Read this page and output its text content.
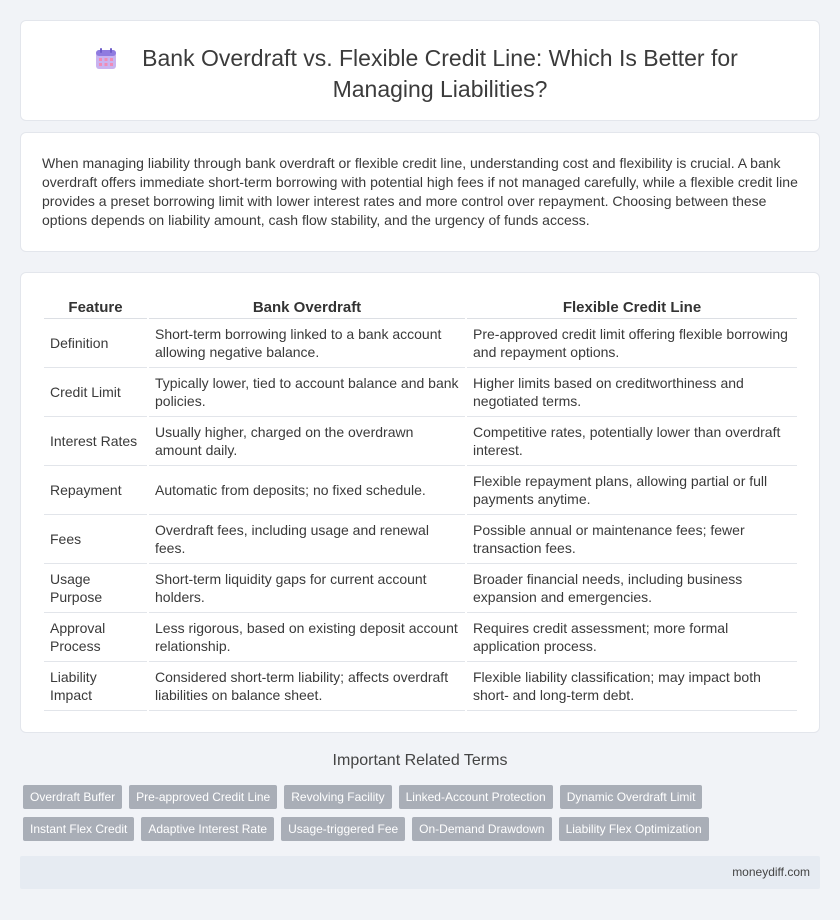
Bank Overdraft vs. Flexible Credit Line: Which Is Better for Managing Liabilities?

When managing liability through bank overdraft or flexible credit line, understanding cost and flexibility is crucial. A bank overdraft offers immediate short-term borrowing with potential high fees if not managed carefully, while a flexible credit line provides a preset borrowing limit with lower interest rates and more control over repayment. Choosing between these options depends on liability amount, cash flow stability, and the urgency of funds access.

Feature	Bank Overdraft	Flexible Credit Line
Definition	Short-term borrowing linked to a bank account allowing negative balance.	Pre-approved credit limit offering flexible borrowing and repayment options.
Credit Limit	Typically lower, tied to account balance and bank policies.	Higher limits based on creditworthiness and negotiated terms.
Interest Rates	Usually higher, charged on the overdrawn amount daily.	Competitive rates, potentially lower than overdraft interest.
Repayment	Automatic from deposits; no fixed schedule.	Flexible repayment plans, allowing partial or full payments anytime.
Fees	Overdraft fees, including usage and renewal fees.	Possible annual or maintenance fees; fewer transaction fees.
Usage Purpose	Short-term liquidity gaps for current account holders.	Broader financial needs, including business expansion and emergencies.
Approval Process	Less rigorous, based on existing deposit account relationship.	Requires credit assessment; more formal application process.
Liability Impact	Considered short-term liability; affects overdraft liabilities on balance sheet.	Flexible liability classification; may impact both short- and long-term debt.
Important Related Terms
Overdraft Buffer	Pre-approved Credit Line	Revolving Facility	Linked-Account Protection	Dynamic Overdraft Limit
Instant Flex Credit	Adaptive Interest Rate	Usage-triggered Fee	On-Demand Drawdown	Liability Flex Optimization
moneydiff.com
